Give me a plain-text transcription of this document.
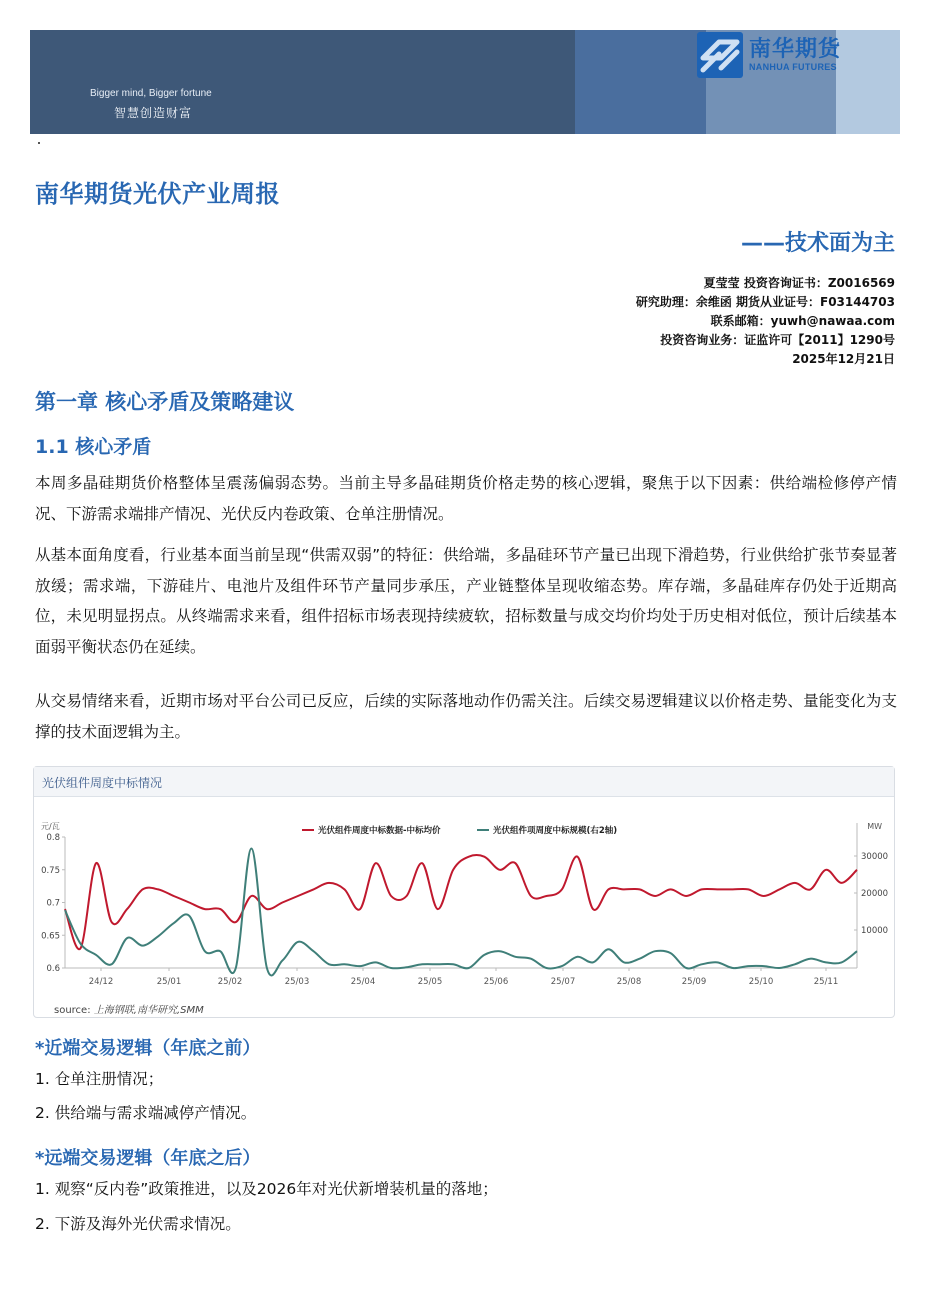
Bigger mind, Bigger fortune
智慧创造财富
南华期货
NANHUA FUTURES
南华期货光伏产业周报
——技术面为主
夏莹莹 投资咨询证书：Z0016569
研究助理：余维函 期货从业证号：F03144703
联系邮箱：yuwh@nawaa.com
投资咨询业务：证监许可【2011】1290号
2025年12月21日
第一章 核心矛盾及策略建议
1.1 核心矛盾
本周多晶硅期货价格整体呈震荡偏弱态势。当前主导多晶硅期货价格走势的核心逻辑，聚焦于以下因素：供给端检修停产情况、下游需求端排产情况、光伏反内卷政策、仓单注册情况。
从基本面角度看，行业基本面当前呈现“供需双弱”的特征：供给端，多晶硅环节产量已出现下滑趋势，行业供给扩张节奏显著放缓；需求端，下游硅片、电池片及组件环节产量同步承压，产业链整体呈现收缩态势。库存端，多晶硅库存仍处于近期高位，未见明显拐点。从终端需求来看，组件招标市场表现持续疲软，招标数量与成交均价均处于历史相对低位，预计后续基本面弱平衡状态仍在延续。
从交易情绪来看，近期市场对平台公司已反应，后续的实际落地动作仍需关注。后续交易逻辑建议以价格走势、量能变化为支撑的技术面逻辑为主。
光伏组件周度中标情况
元/瓦
0.6
0.65
0.7
0.75
0.8
MW
10000
20000
30000
24/12	25/01	25/02	25/03	25/04	25/05	25/06	25/07	25/08	25/09	25/10	25/11
光伏组件周度中标数据-中标均价	光伏组件项周度中标规模(右2轴)
source: 上海钢联,南华研究,SMM
*近端交易逻辑（年底之前）
1. 仓单注册情况；
2. 供给端与需求端减停产情况。
*远端交易逻辑（年底之后）
1. 观察“反内卷”政策推进，以及2026年对光伏新增装机量的落地；
2. 下游及海外光伏需求情况。
